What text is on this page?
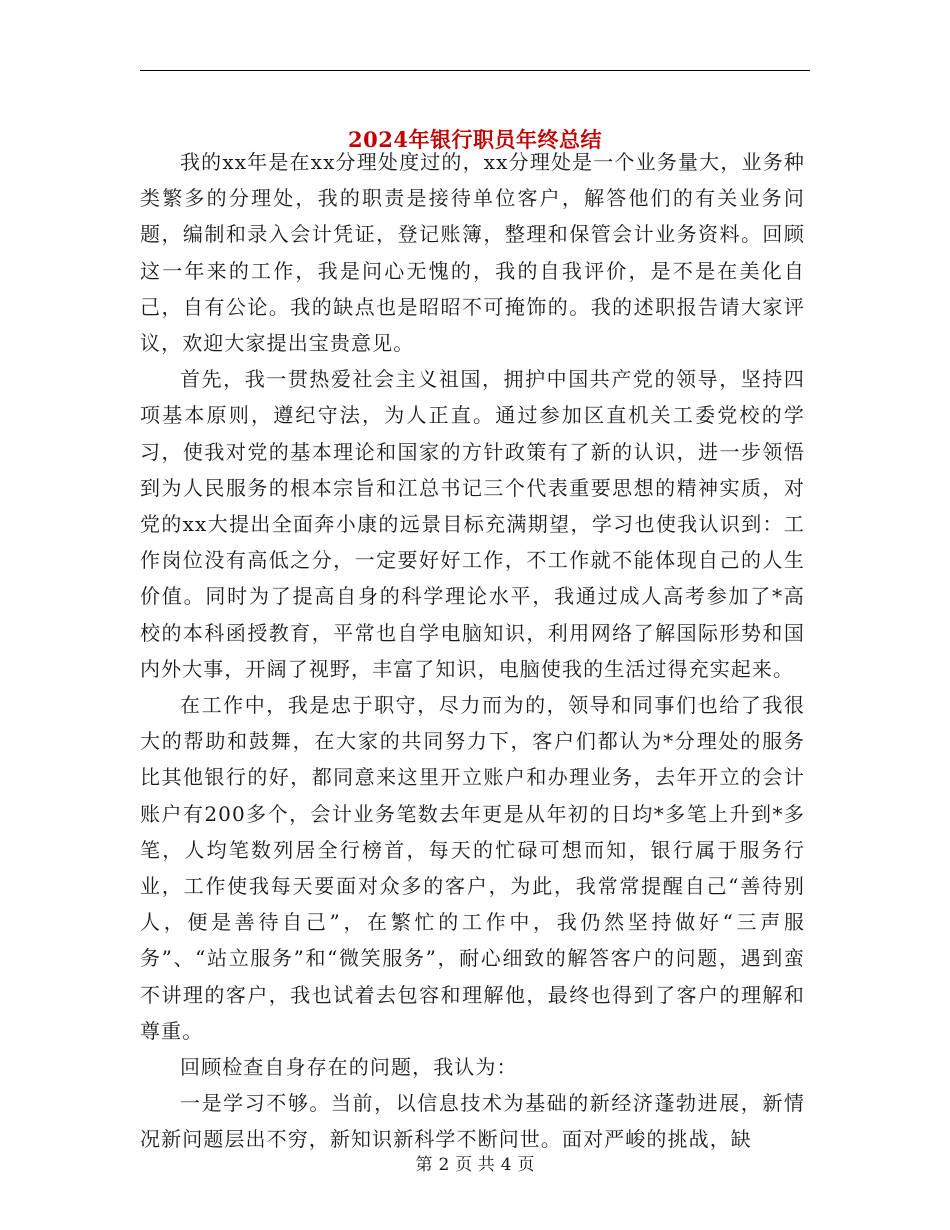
2024年银行职员年终总结

我的xx年是在xx分理处度过的，xx分理处是一个业务量大，业务种类繁多的分理处，我的职责是接待单位客户，解答他们的有关业务问题，编制和录入会计凭证，登记账簿，整理和保管会计业务资料。回顾这一年来的工作，我是问心无愧的，我的自我评价，是不是在美化自己，自有公论。我的缺点也是昭昭不可掩饰的。我的述职报告请大家评议，欢迎大家提出宝贵意见。

首先，我一贯热爱社会主义祖国，拥护中国共产党的领导，坚持四项基本原则，遵纪守法，为人正直。通过参加区直机关工委党校的学习，使我对党的基本理论和国家的方针政策有了新的认识，进一步领悟到为人民服务的根本宗旨和江总书记三个代表重要思想的精神实质，对党的xx大提出全面奔小康的远景目标充满期望，学习也使我认识到：工作岗位没有高低之分，一定要好好工作，不工作就不能体现自己的人生价值。同时为了提高自身的科学理论水平，我通过成人高考参加了*高校的本科函授教育，平常也自学电脑知识，利用网络了解国际形势和国内外大事，开阔了视野，丰富了知识，电脑使我的生活过得充实起来。

在工作中，我是忠于职守，尽力而为的，领导和同事们也给了我很大的帮助和鼓舞，在大家的共同努力下，客户们都认为*分理处的服务比其他银行的好，都同意来这里开立账户和办理业务，去年开立的会计账户有200多个，会计业务笔数去年更是从年初的日均*多笔上升到*多笔，人均笔数列居全行榜首，每天的忙碌可想而知，银行属于服务行业，工作使我每天要面对众多的客户，为此，我常常提醒自己“善待别人，便是善待自己”，在繁忙的工作中，我仍然坚持做好“三声服务”、“站立服务”和“微笑服务”，耐心细致的解答客户的问题，遇到蛮不讲理的客户，我也试着去包容和理解他，最终也得到了客户的理解和尊重。

回顾检查自身存在的问题，我认为：

一是学习不够。当前，以信息技术为基础的新经济蓬勃进展，新情况新问题层出不穷，新知识新科学不断问世。面对严峻的挑战，缺

第 2 页 共 4 页
